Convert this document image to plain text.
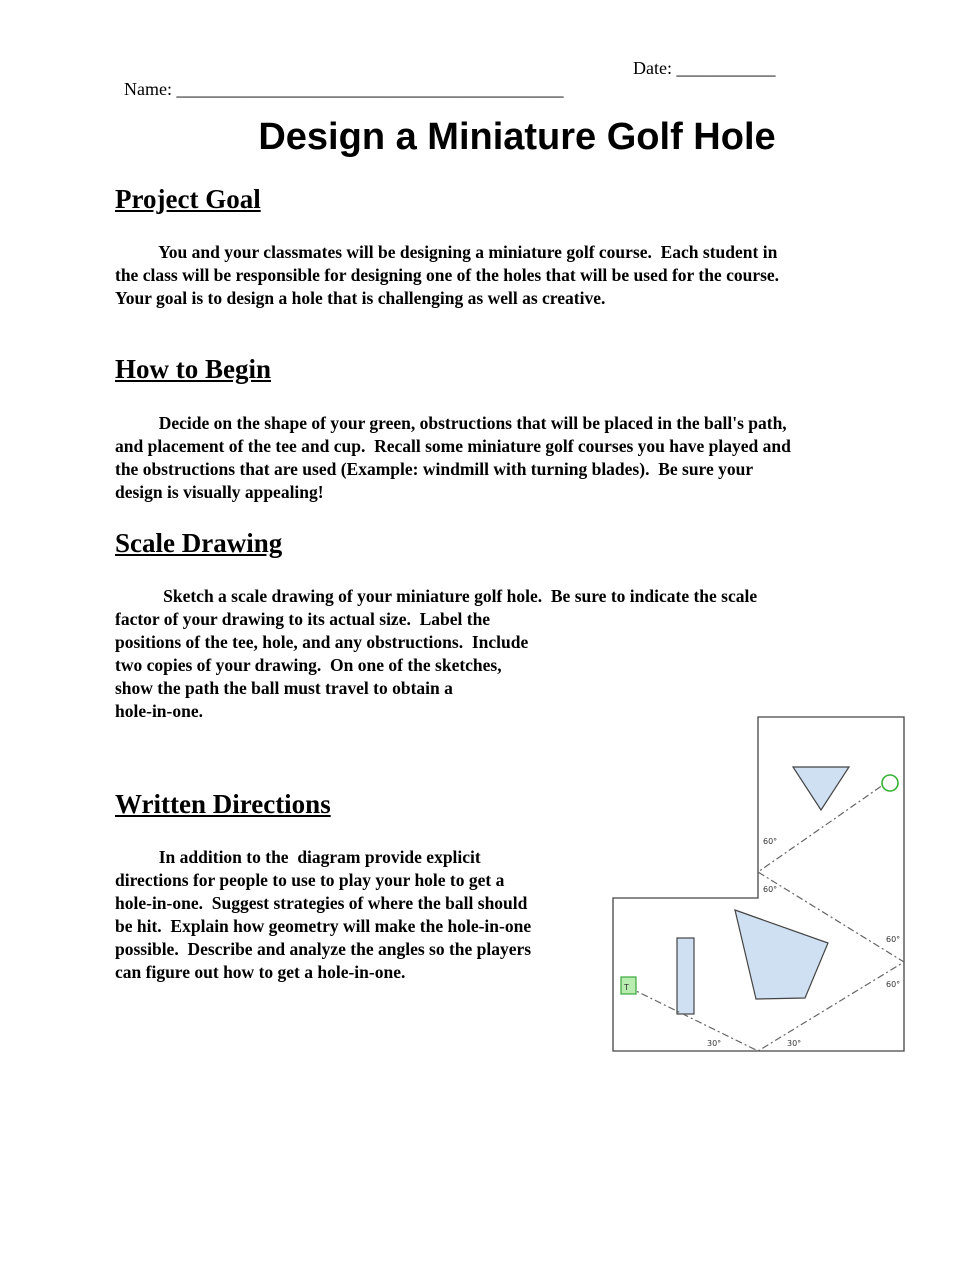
Name: ___________________________________________

Date: ___________

Design a Miniature Golf Hole
Project Goal

You and your classmates will be designing a miniature golf course.  Each student in
the class will be responsible for designing one of the holes that will be used for the course.
Your goal is to design a hole that is challenging as well as creative.

How to Begin

Decide on the shape of your green, obstructions that will be placed in the ball's path,
and placement of the tee and cup.  Recall some miniature golf courses you have played and
the obstructions that are used (Example: windmill with turning blades).  Be sure your
design is visually appealing!

Scale Drawing

Sketch a scale drawing of your miniature golf hole.  Be sure to indicate the scale
factor of your drawing to its actual size.  Label the
positions of the tee, hole, and any obstructions.  Include
two copies of your drawing.  On one of the sketches,
show the path the ball must travel to obtain a
hole-in-one.

Written Directions

In addition to the  diagram provide explicit
directions for people to use to play your hole to get a
hole-in-one.  Suggest strategies of where the ball should
be hit.  Explain how geometry will make the hole-in-one
possible.  Describe and analyze the angles so the players
can figure out how to get a hole-in-one.

T
60°
60°
60°
60°
30°	30°
